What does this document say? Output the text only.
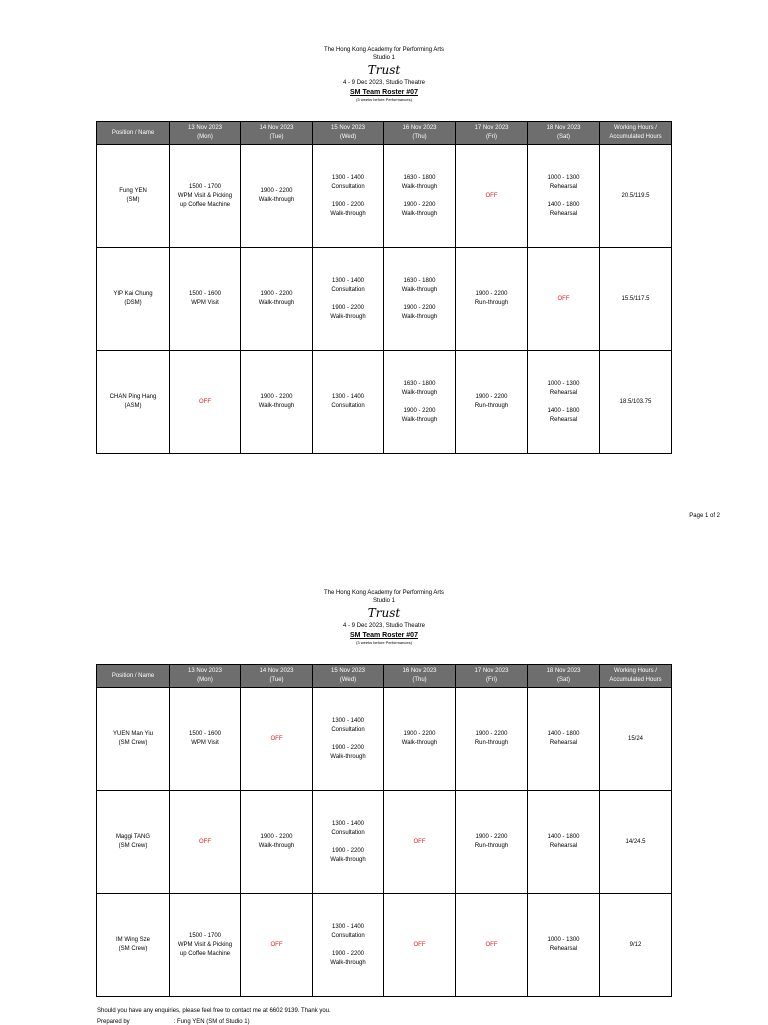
The Hong Kong Academy for Performing Arts
Studio 1
Trust
4 - 9 Dec 2023, Studio Theatre
SM Team Roster #07
(3 weeks before Performances)
Position / Name	13 Nov 2023
(Mon)	14 Nov 2023
(Tue)	15 Nov 2023
(Wed)	16 Nov 2023
(Thu)	17 Nov 2023
(Fri)	18 Nov 2023
(Sat)	Working Hours /
Accumulated Hours

Fung YEN
(SM)	1500 - 1700
WPM Visit & Picking
up Coffee Machine	1900 - 2200
Walk-through	1300 - 1400
Consultation
1900 - 2200
Walk-through	1630 - 1800
Walk-through
1900 - 2200
Walk-through	OFF	1000 - 1300
Rehearsal
1400 - 1800
Rehearsal	20.5/119.5

YIP Kai Chung
(DSM)	1500 - 1600
WPM Visit	1900 - 2200
Walk-through	1300 - 1400
Consultation
1900 - 2200
Walk-through	1630 - 1800
Walk-through
1900 - 2200
Walk-through	1900 - 2200
Run-through	OFF	15.5/117.5

CHAN Ping Hang
(ASM)	OFF	1900 - 2200
Walk-through	1300 - 1400
Consultation	1630 - 1800
Walk-through
1900 - 2200
Walk-through	1900 - 2200
Run-through	1000 - 1300
Rehearsal
1400 - 1800
Rehearsal	18.5/103.75
Page 1 of 2
The Hong Kong Academy for Performing Arts
Studio 1
Trust
4 - 9 Dec 2023, Studio Theatre
SM Team Roster #07
(3 weeks before Performances)
Position / Name	13 Nov 2023
(Mon)	14 Nov 2023
(Tue)	15 Nov 2023
(Wed)	16 Nov 2023
(Thu)	17 Nov 2023
(Fri)	18 Nov 2023
(Sat)	Working Hours /
Accumulated Hours

YUEN Man Yiu
(SM Crew)	1500 - 1600
WPM Visit	OFF	1300 - 1400
Consultation
1900 - 2200
Walk-through	1900 - 2200
Walk-through	1900 - 2200
Run-through	1400 - 1800
Rehearsal	15/24

Maggi TANG
(SM Crew)	OFF	1900 - 2200
Walk-through	1300 - 1400
Consultation
1900 - 2200
Walk-through	OFF	1900 - 2200
Run-through	1400 - 1800
Rehearsal	14/24.5

IM Wing Sze
(SM Crew)	1500 - 1700
WPM Visit & Picking
up Coffee Machine	OFF	1300 - 1400
Consultation
1900 - 2200
Walk-through	OFF	OFF	1000 - 1300
Rehearsal	9/12
Should you have any enquiries, please feel free to contact me at 6602 9139. Thank you.
Prepared by	: Fung YEN (SM of Studio 1)
